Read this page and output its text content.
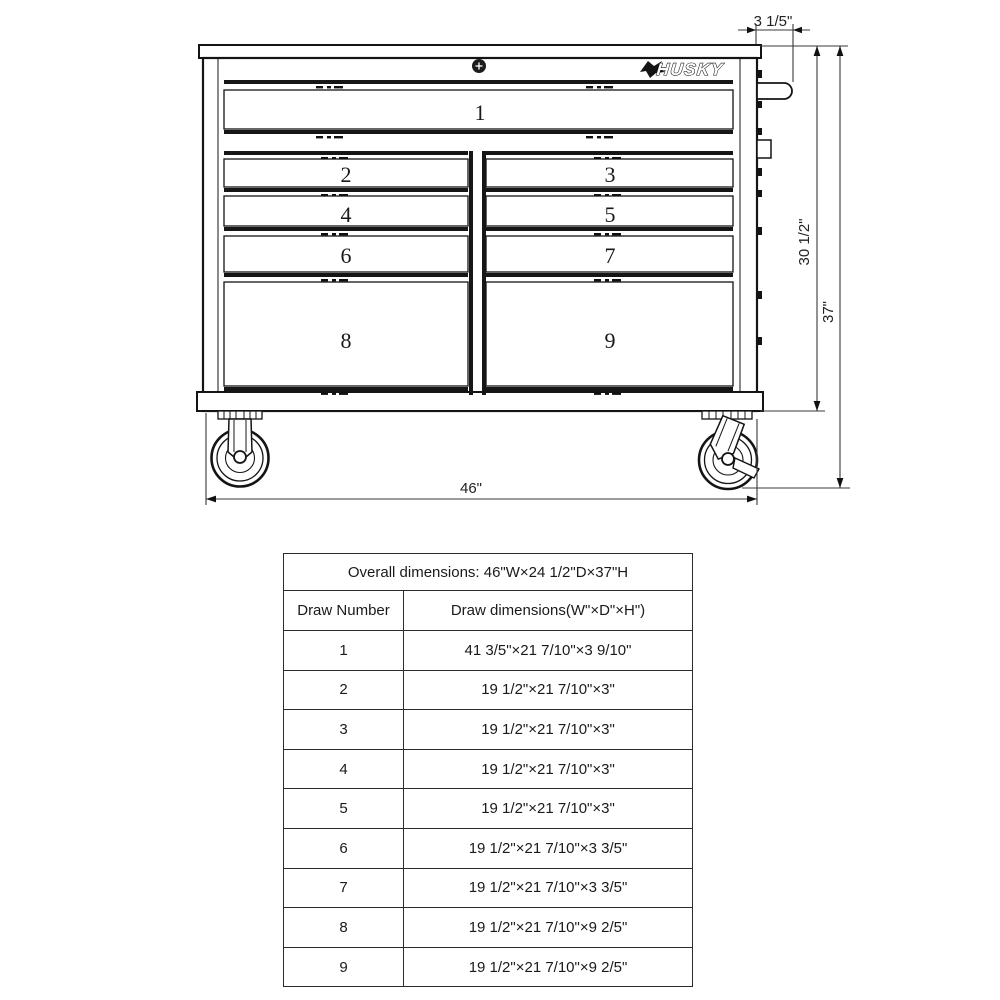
HUSKY
1
2	3
4	5
6	7
8	9
3 1/5"
30 1/2"
37"
46"
Overall dimensions: 46"W×24 1/2"D×37"H	
Draw Number	Draw dimensions(W"×D"×H")
1	41 3/5"×21 7/10"×3 9/10"
2	19 1/2"×21 7/10"×3"
3	19 1/2"×21 7/10"×3"
4	19 1/2"×21 7/10"×3"
5	19 1/2"×21 7/10"×3"
6	19 1/2"×21 7/10"×3 3/5"
7	19 1/2"×21 7/10"×3 3/5"
8	19 1/2"×21 7/10"×9 2/5"
9	19 1/2"×21 7/10"×9 2/5"
